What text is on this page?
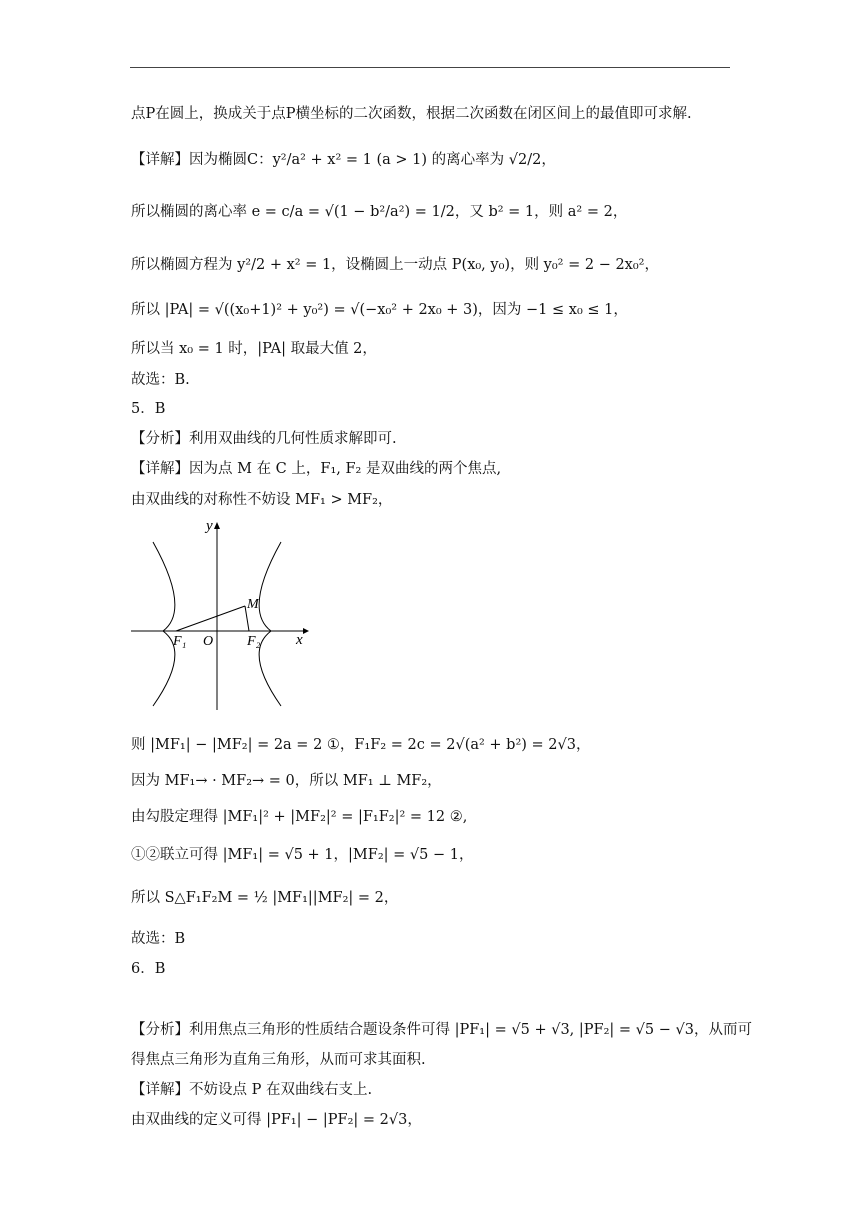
点P在圆上，换成关于点P横坐标的二次函数，根据二次函数在闭区间上的最值即可求解.
【详解】因为椭圆C：y²/a² + x² = 1 (a > 1) 的离心率为 √2/2，
所以椭圆的离心率 e = c/a = √(1 − b²/a²) = 1/2，又 b² = 1，则 a² = 2，
所以椭圆方程为 y²/2 + x² = 1，设椭圆上一动点 P(x₀, y₀)，则 y₀² = 2 − 2x₀²，
所以 |PA| = √((x₀+1)² + y₀²) = √(−x₀² + 2x₀ + 3)，因为 −1 ≤ x₀ ≤ 1，
所以当 x₀ = 1 时，|PA| 取最大值 2，
故选：B.
5．B
【分析】利用双曲线的几何性质求解即可.
【详解】因为点 M 在 C 上，F₁, F₂ 是双曲线的两个焦点,
由双曲线的对称性不妨设 MF₁ > MF₂，
y
x
O
F₁	F₂
M
则 |MF₁| − |MF₂| = 2a = 2 ①，F₁F₂ = 2c = 2√(a² + b²) = 2√3，
因为 MF₁→ · MF₂→ = 0，所以 MF₁ ⊥ MF₂，
由勾股定理得 |MF₁|² + |MF₂|² = |F₁F₂|² = 12 ②,
①②联立可得 |MF₁| = √5 + 1，|MF₂| = √5 − 1，
所以 S△F₁F₂M = ½ |MF₁||MF₂| = 2，
故选：B
6．B
【分析】利用焦点三角形的性质结合题设条件可得 |PF₁| = √5 + √3, |PF₂| = √5 − √3，从而可
得焦点三角形为直角三角形，从而可求其面积.
【详解】不妨设点 P 在双曲线右支上.
由双曲线的定义可得 |PF₁| − |PF₂| = 2√3，
